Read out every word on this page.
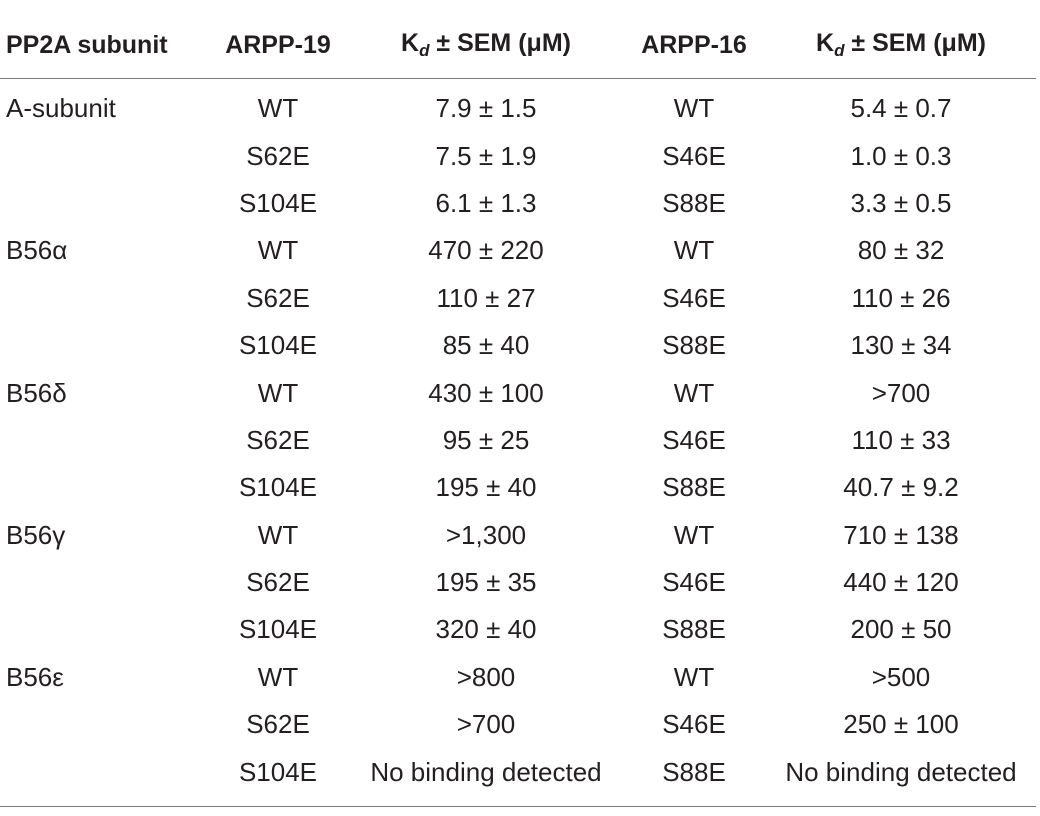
PP2A subunit	ARPP-19	$K_d$ ± SEM (μM)	ARPP-16	$K_d$ ± SEM (μM)
A-subunit	WT	7.9 ± 1.5	WT	5.4 ± 0.7
	S62E	7.5 ± 1.9	S46E	1.0 ± 0.3
	S104E	6.1 ± 1.3	S88E	3.3 ± 0.5
B56α	WT	470 ± 220	WT	80 ± 32
	S62E	110 ± 27	S46E	110 ± 26
	S104E	85 ± 40	S88E	130 ± 34
B56δ	WT	430 ± 100	WT	>700
	S62E	95 ± 25	S46E	110 ± 33
	S104E	195 ± 40	S88E	40.7 ± 9.2
B56γ	WT	>1,300	WT	710 ± 138
	S62E	195 ± 35	S46E	440 ± 120
	S104E	320 ± 40	S88E	200 ± 50
B56ε	WT	>800	WT	>500
	S62E	>700	S46E	250 ± 100
	S104E	No binding detected	S88E	No binding detected
